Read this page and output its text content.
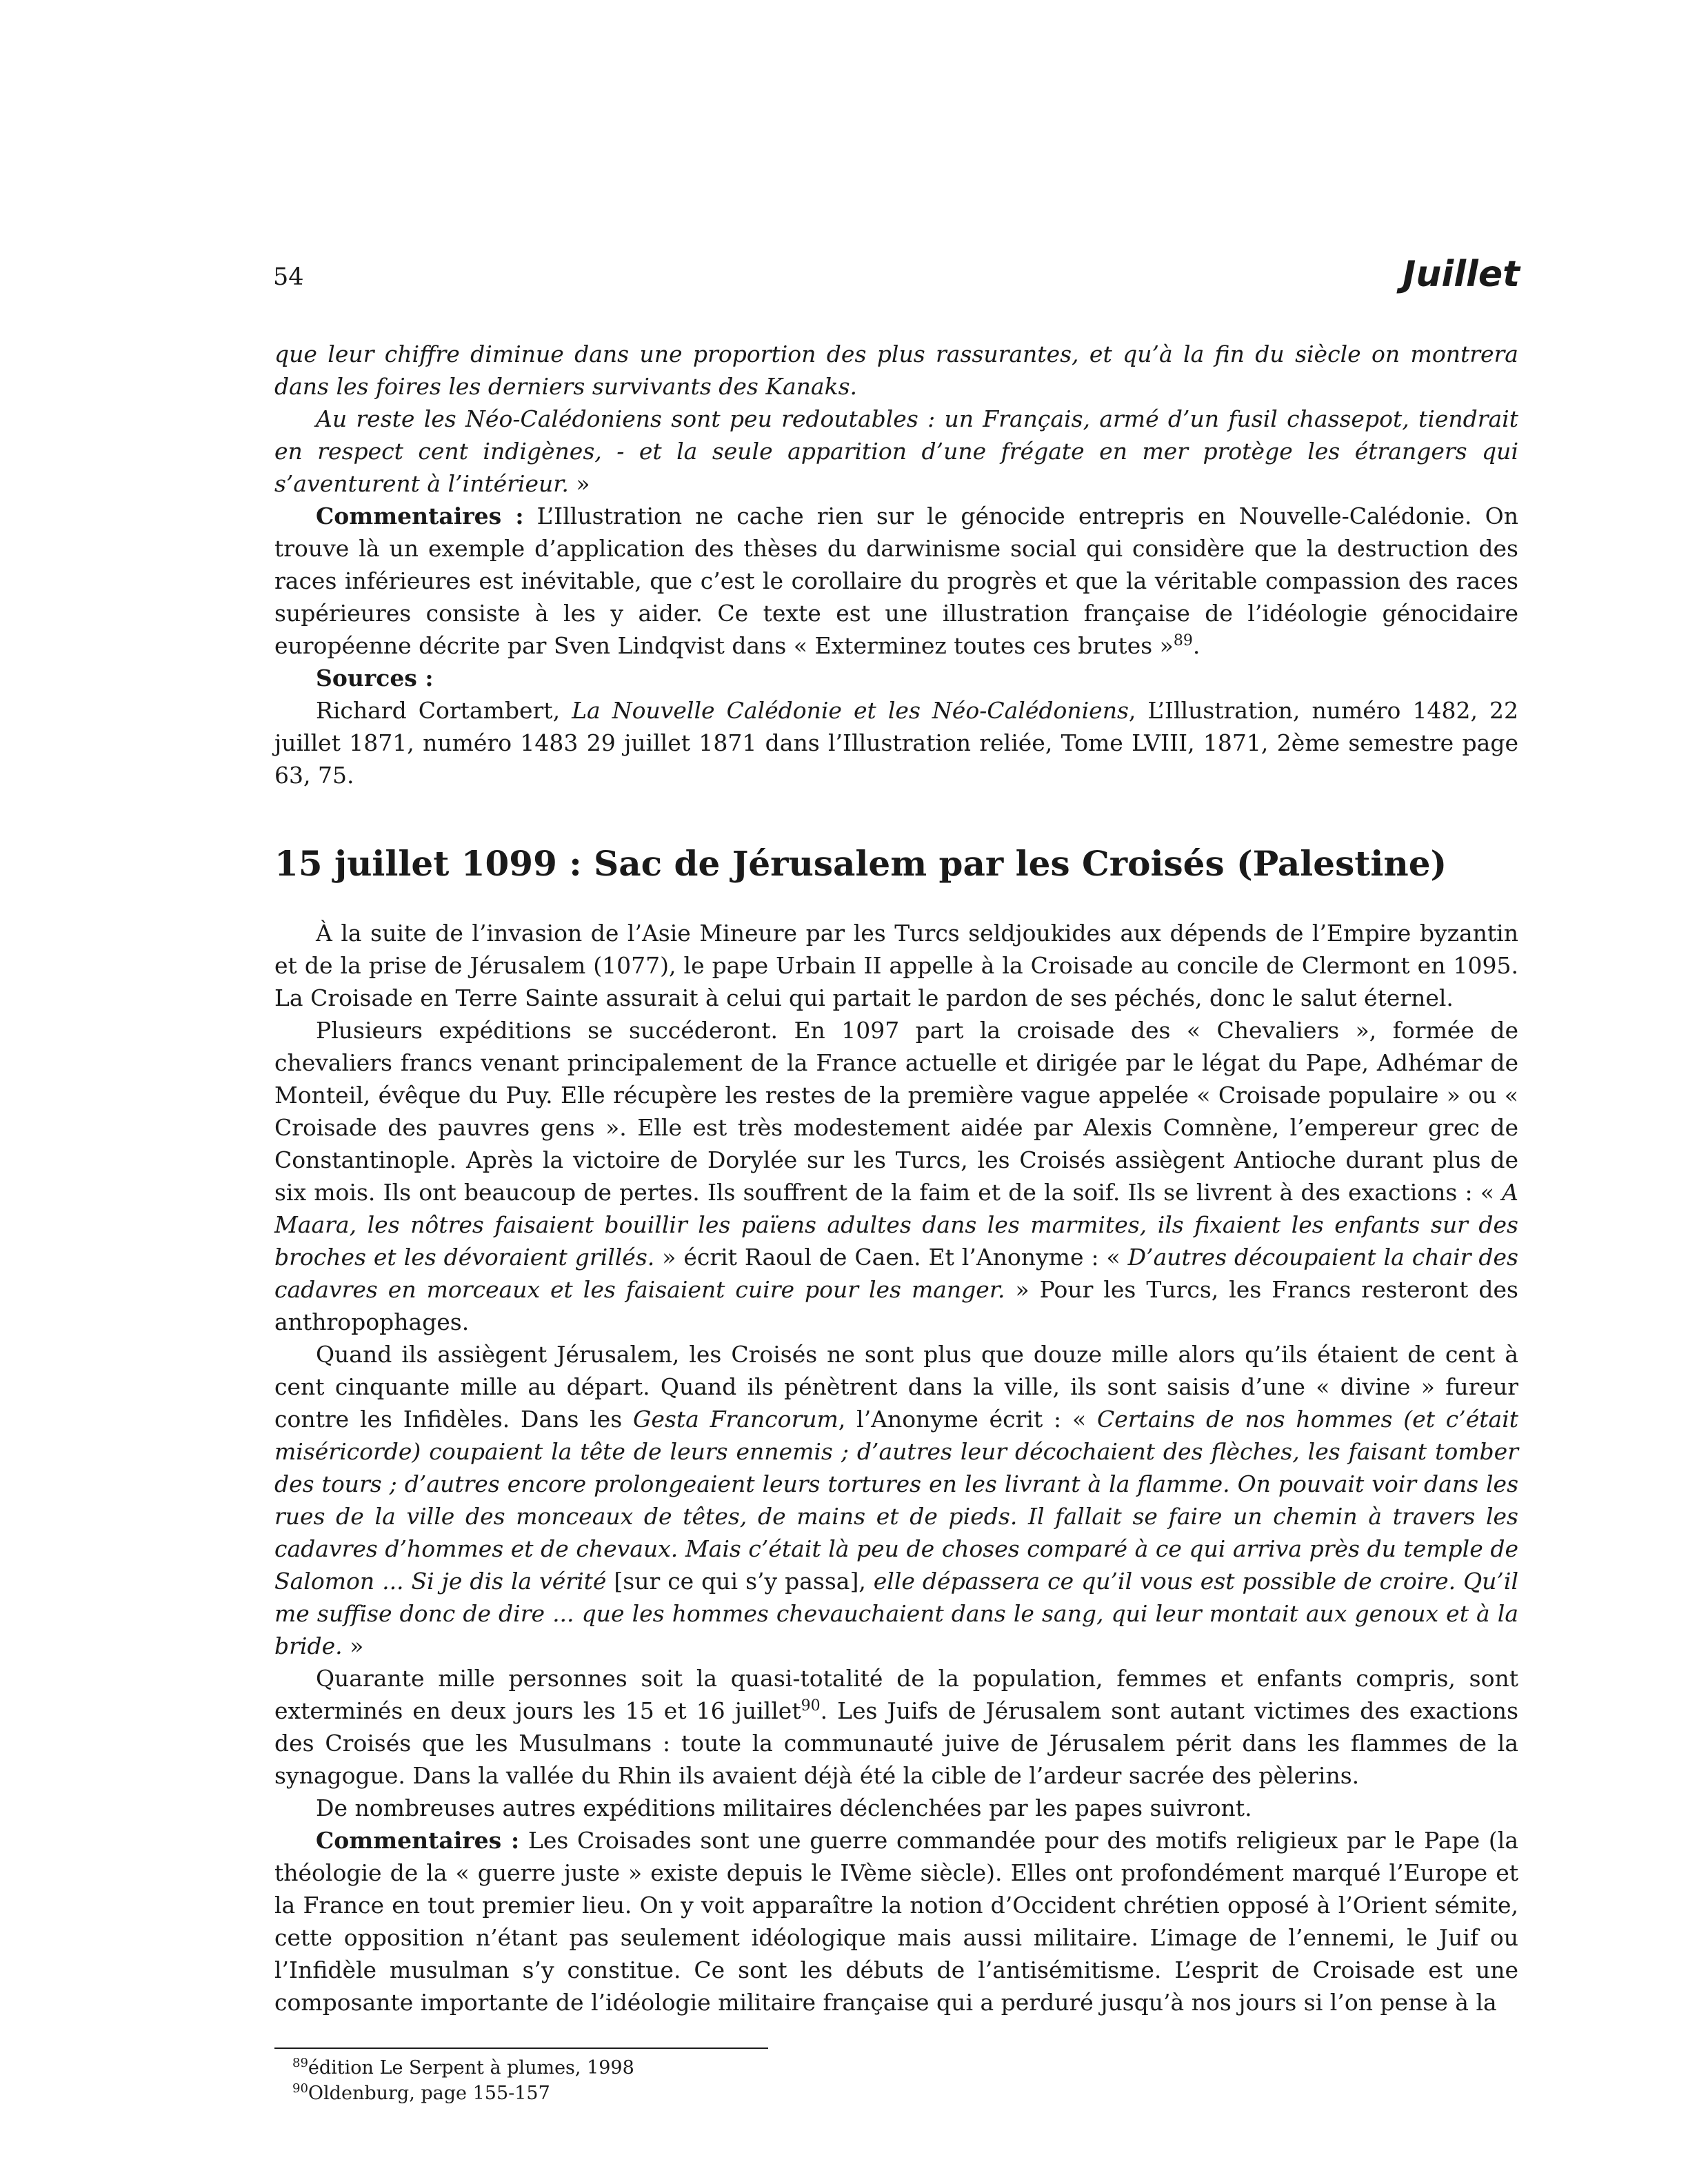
54	Juillet

que leur chiffre diminue dans une proportion des plus rassurantes, et qu’à la fin du siècle on montrera dans les foires les derniers survivants des Kanaks.

Au reste les Néo-Calédoniens sont peu redoutables : un Français, armé d’un fusil chassepot, tiendrait en respect cent indigènes, - et la seule apparition d’une frégate en mer protège les étrangers qui s’aventurent à l’intérieur. »

Commentaires : L’Illustration ne cache rien sur le génocide entrepris en Nouvelle-Calédonie. On trouve là un exemple d’application des thèses du darwinisme social qui considère que la destruction des races inférieures est inévitable, que c’est le corollaire du progrès et que la véritable compassion des races supérieures consiste à les y aider. Ce texte est une illustration française de l’idéologie génocidaire européenne décrite par Sven Lindqvist dans « Exterminez toutes ces brutes »$^{89}$.

Sources :

Richard Cortambert, La Nouvelle Calédonie et les Néo-Calédoniens, L’Illustration, numéro 1482, 22 juillet 1871, numéro 1483 29 juillet 1871 dans l’Illustration reliée, Tome LVIII, 1871, 2ème semestre page 63, 75.

15 juillet 1099 : Sac de Jérusalem par les Croisés (Palestine)

À la suite de l’invasion de l’Asie Mineure par les Turcs seldjoukides aux dépends de l’Empire byzantin et de la prise de Jérusalem (1077), le pape Urbain II appelle à la Croisade au concile de Clermont en 1095. La Croisade en Terre Sainte assurait à celui qui partait le pardon de ses péchés, donc le salut éternel.

Plusieurs expéditions se succéderont. En 1097 part la croisade des « Chevaliers », formée de chevaliers francs venant principalement de la France actuelle et dirigée par le légat du Pape, Adhémar de Monteil, évêque du Puy. Elle récupère les restes de la première vague appelée « Croisade populaire » ou « Croisade des pauvres gens ». Elle est très modestement aidée par Alexis Comnène, l’empereur grec de Constantinople. Après la victoire de Dorylée sur les Turcs, les Croisés assiègent Antioche durant plus de six mois. Ils ont beaucoup de pertes. Ils souffrent de la faim et de la soif. Ils se livrent à des exactions : « A Maara, les nôtres faisaient bouillir les païens adultes dans les marmites, ils fixaient les enfants sur des broches et les dévoraient grillés. » écrit Raoul de Caen. Et l’Anonyme : « D’autres découpaient la chair des cadavres en morceaux et les faisaient cuire pour les manger. » Pour les Turcs, les Francs resteront des anthropophages.

Quand ils assiègent Jérusalem, les Croisés ne sont plus que douze mille alors qu’ils étaient de cent à cent cinquante mille au départ. Quand ils pénètrent dans la ville, ils sont saisis d’une « divine » fureur contre les Infidèles. Dans les Gesta Francorum, l’Anonyme écrit : « Certains de nos hommes (et c’était miséricorde) coupaient la tête de leurs ennemis ; d’autres leur décochaient des flèches, les faisant tomber des tours ; d’autres encore prolongeaient leurs tortures en les livrant à la flamme. On pouvait voir dans les rues de la ville des monceaux de têtes, de mains et de pieds. Il fallait se faire un chemin à travers les cadavres d’hommes et de chevaux. Mais c’était là peu de choses comparé à ce qui arriva près du temple de Salomon ... Si je dis la vérité [sur ce qui s’y passa], elle dépassera ce qu’il vous est possible de croire. Qu’il me suffise donc de dire ... que les hommes chevauchaient dans le sang, qui leur montait aux genoux et à la bride. »

Quarante mille personnes soit la quasi-totalité de la population, femmes et enfants compris, sont exterminés en deux jours les 15 et 16 juillet$^{90}$. Les Juifs de Jérusalem sont autant victimes des exactions des Croisés que les Musulmans : toute la communauté juive de Jérusalem périt dans les flammes de la synagogue. Dans la vallée du Rhin ils avaient déjà été la cible de l’ardeur sacrée des pèlerins.

De nombreuses autres expéditions militaires déclenchées par les papes suivront.

Commentaires : Les Croisades sont une guerre commandée pour des motifs religieux par le Pape (la théologie de la « guerre juste » existe depuis le IVème siècle). Elles ont profondément marqué l’Europe et la France en tout premier lieu. On y voit apparaître la notion d’Occident chrétien opposé à l’Orient sémite, cette opposition n’étant pas seulement idéologique mais aussi militaire. L’image de l’ennemi, le Juif ou l’Infidèle musulman s’y constitue. Ce sont les débuts de l’antisémitisme. L’esprit de Croisade est une composante importante de l’idéologie militaire française qui a perduré jusqu’à nos jours si l’on pense à la

$^{89}$édition Le Serpent à plumes, 1998

$^{90}$Oldenburg, page 155-157
